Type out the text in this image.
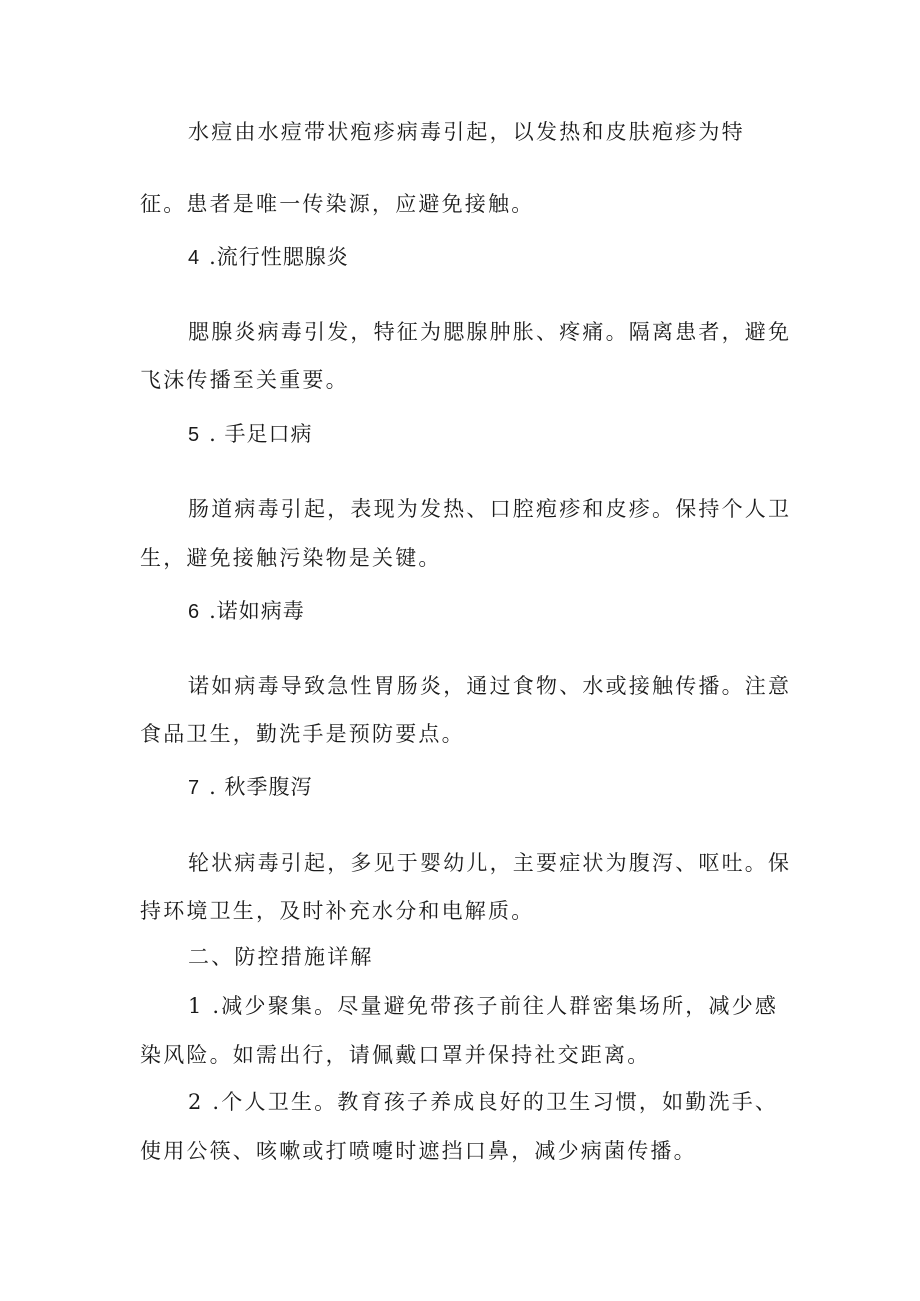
水痘由水痘带状疱疹病毒引起，以发热和皮肤疱疹为特
征。患者是唯一传染源，应避免接触。
4 .流行性腮腺炎
腮腺炎病毒引发，特征为腮腺肿胀、疼痛。隔离患者，避免
飞沫传播至关重要。
5 . 手足口病
肠道病毒引起，表现为发热、口腔疱疹和皮疹。保持个人卫
生，避免接触污染物是关键。
6 .诺如病毒
诺如病毒导致急性胃肠炎，通过食物、水或接触传播。注意
食品卫生，勤洗手是预防要点。
7 . 秋季腹泻
轮状病毒引起，多见于婴幼儿，主要症状为腹泻、呕吐。保
持环境卫生，及时补充水分和电解质。
二、防控措施详解
1 .减少聚集。尽量避免带孩子前往人群密集场所，减少感
染风险。如需出行，请佩戴口罩并保持社交距离。
2 .个人卫生。教育孩子养成良好的卫生习惯，如勤洗手、
使用公筷、咳嗽或打喷嚏时遮挡口鼻，减少病菌传播。
